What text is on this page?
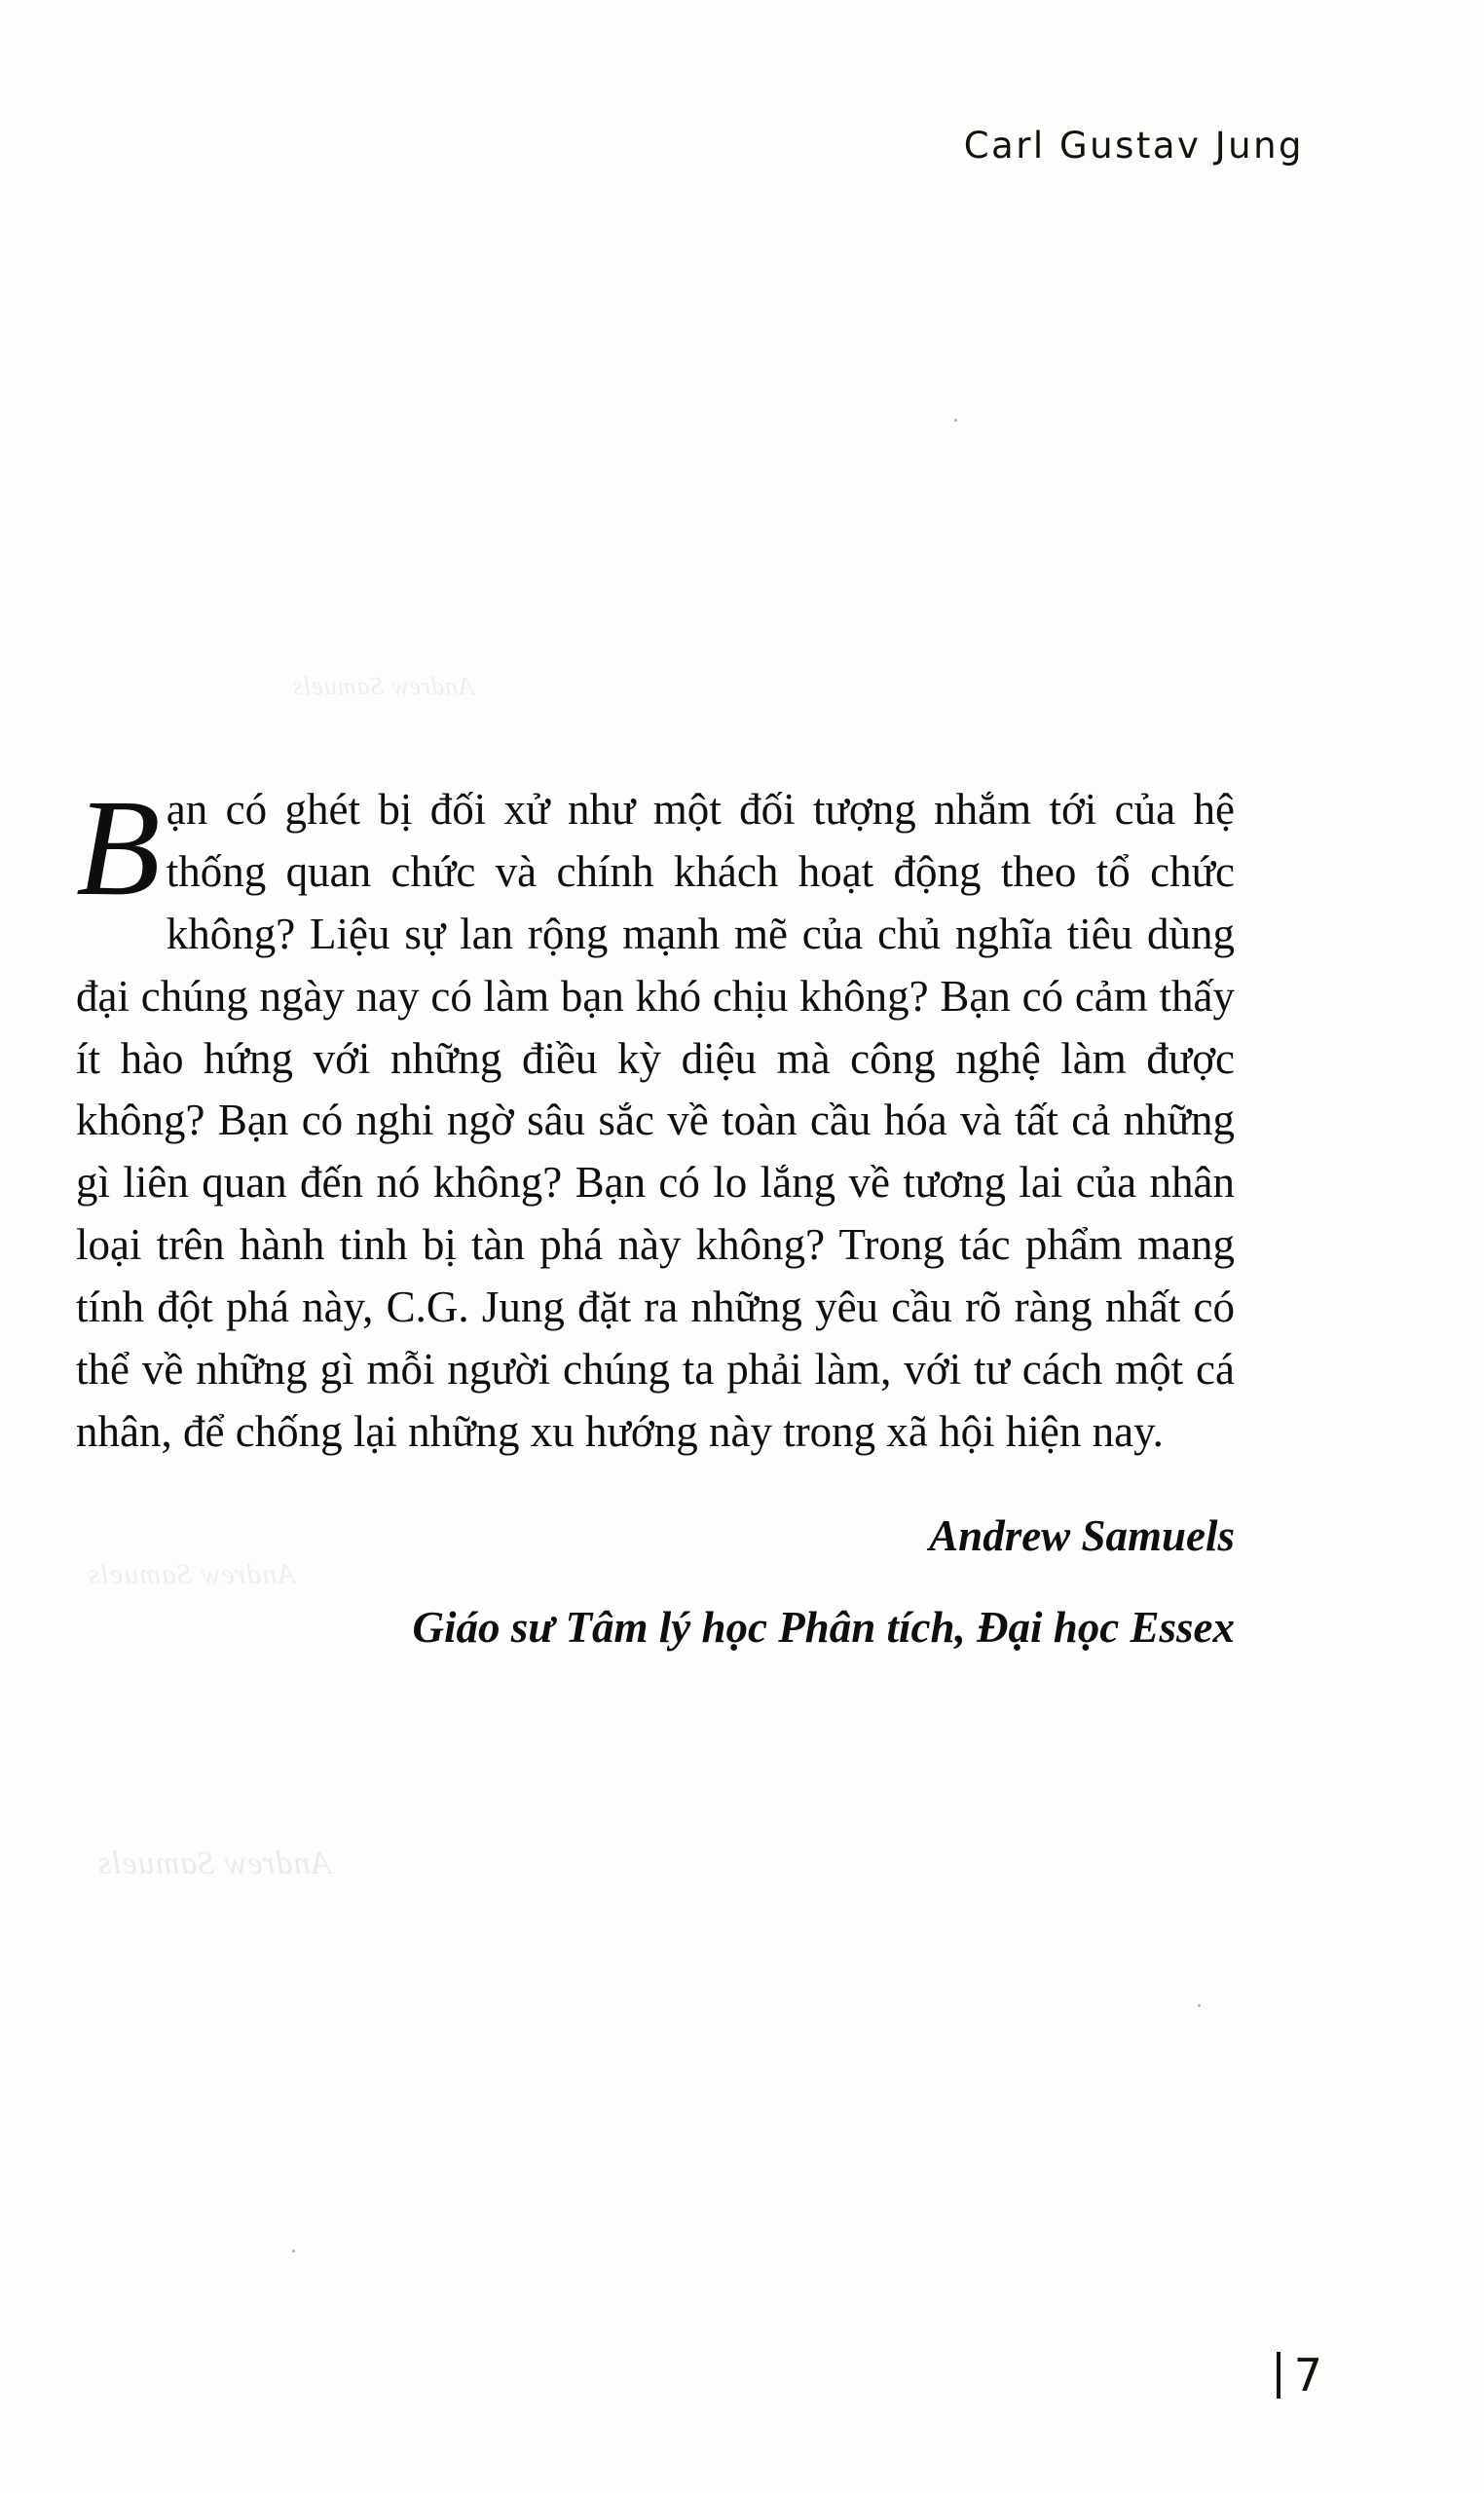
Andrew Samuels
Andrew Samuels
Andrew Samuels
Carl Gustav Jung

Bạn có ghét bị đối xử như một đối tượng nhắm tới của hệ thống quan chức và chính khách hoạt động theo tổ chức không? Liệu sự lan rộng mạnh mẽ của chủ nghĩa tiêu dùng đại chúng ngày nay có làm bạn khó chịu không? Bạn có cảm thấy ít hào hứng với những điều kỳ diệu mà công nghệ làm được không? Bạn có nghi ngờ sâu sắc về toàn cầu hóa và tất cả những gì liên quan đến nó không? Bạn có lo lắng về tương lai của nhân loại trên hành tinh bị tàn phá này không? Trong tác phẩm mang tính đột phá này, C.G. Jung đặt ra những yêu cầu rõ ràng nhất có thể về những gì mỗi người chúng ta phải làm, với tư cách một cá nhân, để chống lại những xu hướng này trong xã hội hiện nay.

Andrew Samuels

Giáo sư Tâm lý học Phân tích, Đại học Essex

7
